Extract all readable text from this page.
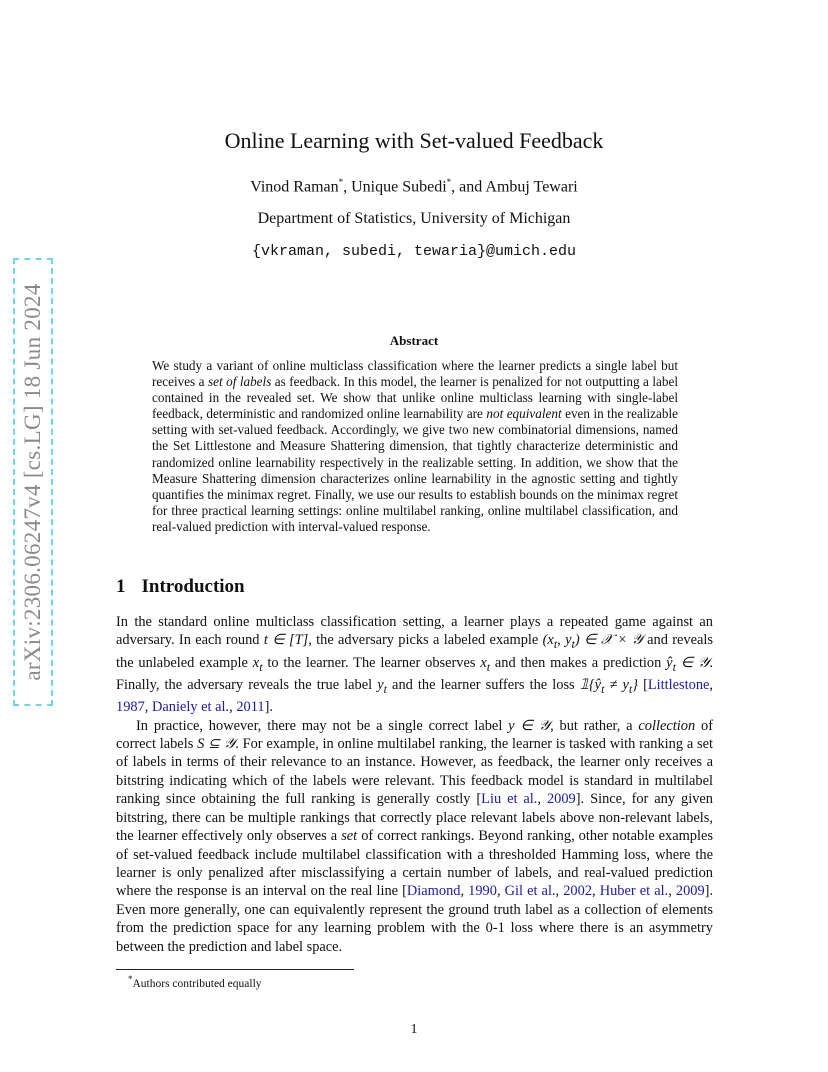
arXiv:2306.06247v4 [cs.LG] 18 Jun 2024
Online Learning with Set-valued Feedback
Vinod Raman*, Unique Subedi*, and Ambuj Tewari
Department of Statistics, University of Michigan
{vkraman, subedi, tewaria}@umich.edu
Abstract

We study a variant of online multiclass classification where the learner predicts a single label but receives a set of labels as feedback. In this model, the learner is penalized for not outputting a label contained in the revealed set. We show that unlike online multiclass learning with single-label feedback, deterministic and randomized online learnability are not equivalent even in the realizable setting with set-valued feedback. Accordingly, we give two new combinatorial dimensions, named the Set Littlestone and Measure Shattering dimension, that tightly characterize deterministic and randomized online learnability respectively in the realizable setting. In addition, we show that the Measure Shattering dimension characterizes online learnability in the agnostic setting and tightly quantifies the minimax regret. Finally, we use our results to establish bounds on the minimax regret for three practical learning settings: online multilabel ranking, online multilabel classification, and real-valued prediction with interval-valued response.

1 Introduction

In the standard online multiclass classification setting, a learner plays a repeated game against an adversary. In each round t ∈ [T], the adversary picks a labeled example ($x_t$, $y_t$) ∈ 𝒳 × 𝒴 and reveals the unlabeled example $x_t$ to the learner. The learner observes $x_t$ and then makes a prediction $ŷ_t$ ∈ 𝒴. Finally, the adversary reveals the true label $y_t$ and the learner suffers the loss $𝟙\{ŷ_t \ne y_t\}$ [Littlestone, 1987, Daniely et al., 2011].

In practice, however, there may not be a single correct label y ∈ 𝒴, but rather, a collection of correct labels S ⊆ 𝒴. For example, in online multilabel ranking, the learner is tasked with ranking a set of labels in terms of their relevance to an instance. However, as feedback, the learner only receives a bitstring indicating which of the labels were relevant. This feedback model is standard in multilabel ranking since obtaining the full ranking is generally costly [Liu et al., 2009]. Since, for any given bitstring, there can be multiple rankings that correctly place relevant labels above non-relevant labels, the learner effectively only observes a set of correct rankings. Beyond ranking, other notable examples of set-valued feedback include multilabel classification with a thresholded Hamming loss, where the learner is only penalized after misclassifying a certain number of labels, and real-valued prediction where the response is an interval on the real line [Diamond, 1990, Gil et al., 2002, Huber et al., 2009]. Even more generally, one can equivalently represent the ground truth label as a collection of elements from the prediction space for any learning problem with the 0-1 loss where there is an asymmetry between the prediction and label space.

*Authors contributed equally
1
